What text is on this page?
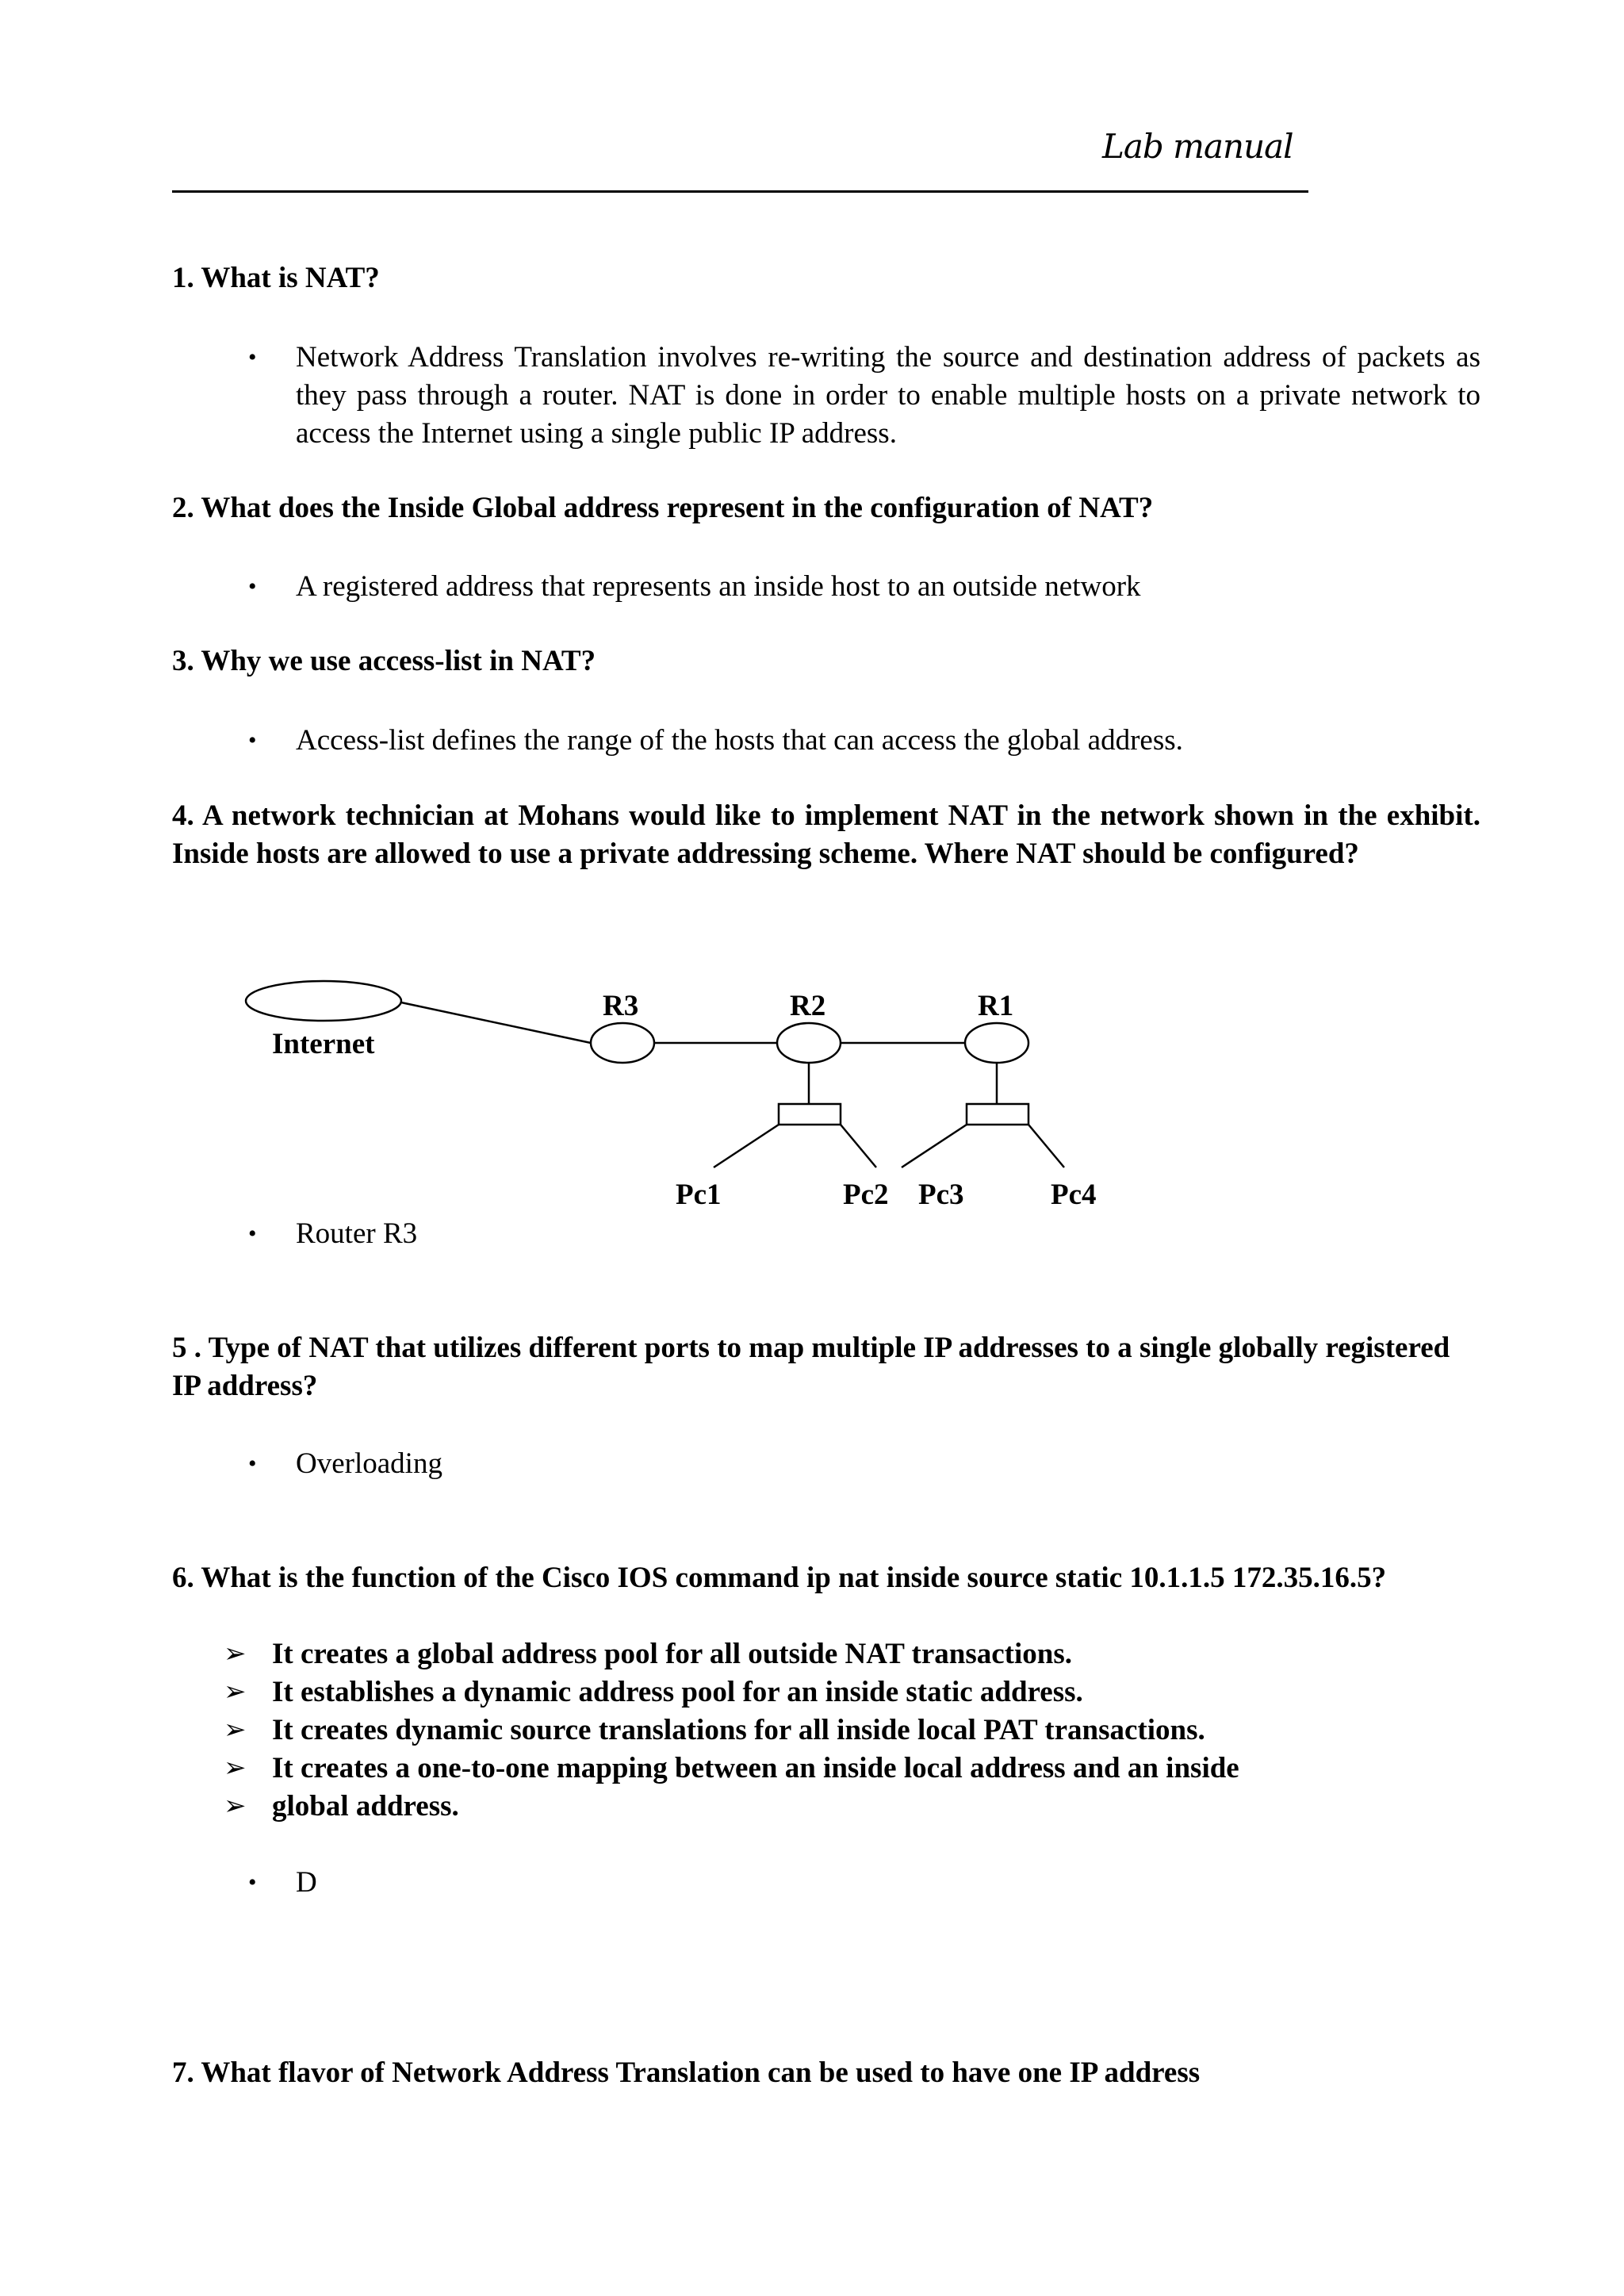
Lab manual

1. What is NAT?

• Network Address Translation involves re-writing the source and destination address of packets as they pass through a router. NAT is done in order to enable multiple hosts on a private network to access the Internet using a single public IP address.

2. What does the Inside Global address represent in the configuration of NAT?

• A registered address that represents an inside host to an outside network

3. Why we use access-list in NAT?

• Access-list defines the range of the hosts that can access the global address.

4. A network technician at Mohans would like to implement NAT in the network shown in the exhibit. Inside hosts are allowed to use a private addressing scheme. Where NAT should be configured?

Internet
R3	R2	R1
Pc1	Pc2 Pc3	Pc4
• Router R3

5 . Type of NAT that utilizes different ports to map multiple IP addresses to a single globally registered IP address?

• Overloading

6. What is the function of the Cisco IOS command ip nat inside source static 10.1.1.5 172.35.16.5?

➢ It creates a global address pool for all outside NAT transactions.
➢ It establishes a dynamic address pool for an inside static address.
➢ It creates dynamic source translations for all inside local PAT transactions.
➢ It creates a one-to-one mapping between an inside local address and an inside
➢ global address.
• D

7. What flavor of Network Address Translation can be used to have one IP address
